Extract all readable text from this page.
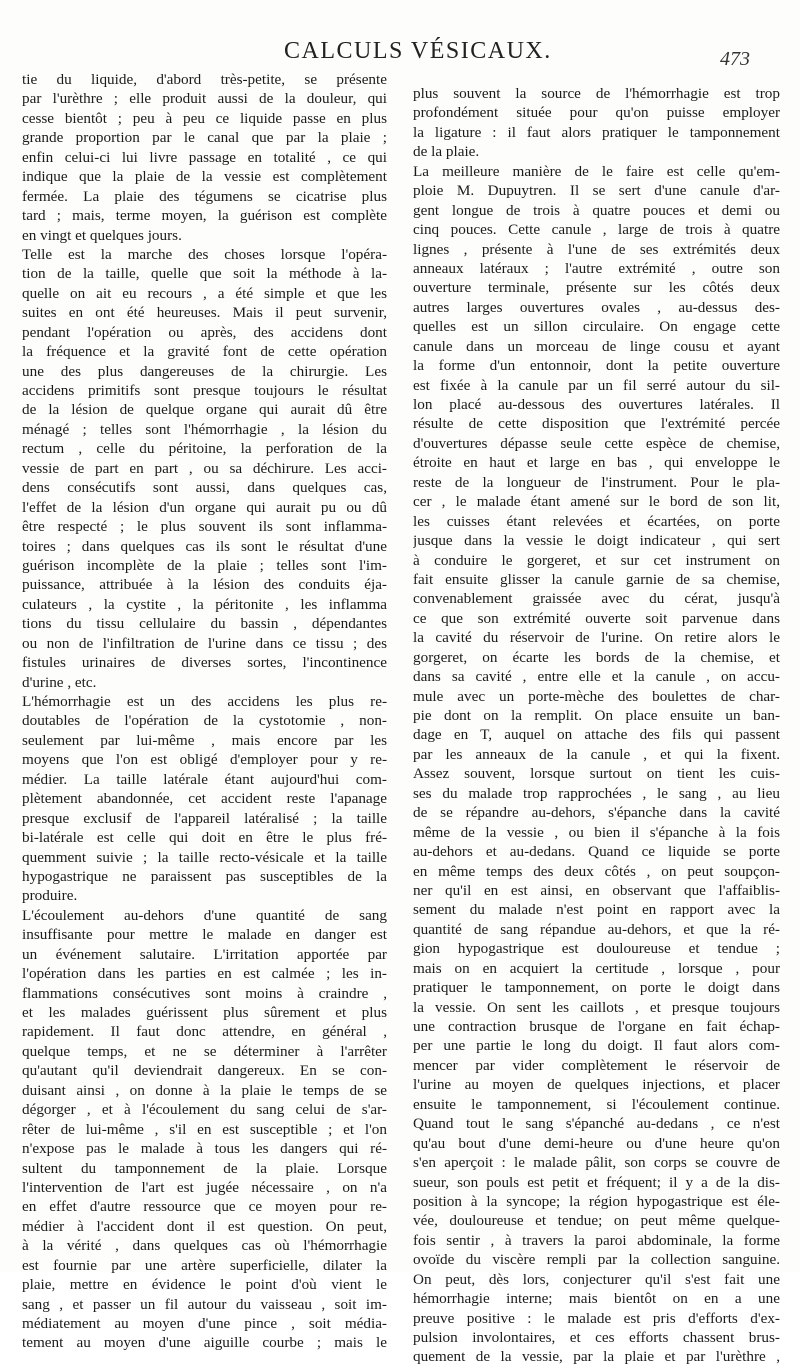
CALCULS VÉSICAUX.	473
tie du liquide, d'abord très-petite, se présente
par l'urèthre ; elle produit aussi de la douleur, qui
cesse bientôt ; peu à peu ce liquide passe en plus
grande proportion par le canal que par la plaie ;
enfin celui-ci lui livre passage en totalité , ce qui
indique que la plaie de la vessie est complètement
fermée. La plaie des tégumens se cicatrise plus
tard ; mais, terme moyen, la guérison est complète
en vingt et quelques jours.
Telle est la marche des choses lorsque l'opéra-
tion de la taille, quelle que soit la méthode à la-
quelle on ait eu recours , a été simple et que les
suites en ont été heureuses. Mais il peut survenir,
pendant l'opération ou après, des accidens dont
la fréquence et la gravité font de cette opération
une des plus dangereuses de la chirurgie. Les
accidens primitifs sont presque toujours le résultat
de la lésion de quelque organe qui aurait dû être
ménagé ; telles sont l'hémorrhagie , la lésion du
rectum , celle du péritoine, la perforation de la
vessie de part en part , ou sa déchirure. Les acci-
dens consécutifs sont aussi, dans quelques cas,
l'effet de la lésion d'un organe qui aurait pu ou dû
être respecté ; le plus souvent ils sont inflamma-
toires ; dans quelques cas ils sont le résultat d'une
guérison incomplète de la plaie ; telles sont l'im-
puissance, attribuée à la lésion des conduits éja-
culateurs , la cystite , la péritonite , les inflamma
tions du tissu cellulaire du bassin , dépendantes
ou non de l'infiltration de l'urine dans ce tissu ; des
fistules urinaires de diverses sortes, l'incontinence
d'urine , etc.
L'hémorrhagie est un des accidens les plus re-
doutables de l'opération de la cystotomie , non-
seulement par lui-même , mais encore par les
moyens que l'on est obligé d'employer pour y re-
médier. La taille latérale étant aujourd'hui com-
plètement abandonnée, cet accident reste l'apanage
presque exclusif de l'appareil latéralisé ; la taille
bi-latérale est celle qui doit en être le plus fré-
quemment suivie ; la taille recto-vésicale et la taille
hypogastrique ne paraissent pas susceptibles de la
produire.
L'écoulement au-dehors d'une quantité de sang
insuffisante pour mettre le malade en danger est
un événement salutaire. L'irritation apportée par
l'opération dans les parties en est calmée ; les in-
flammations consécutives sont moins à craindre ,
et les malades guérissent plus sûrement et plus
rapidement. Il faut donc attendre, en général ,
quelque temps, et ne se déterminer à l'arrêter
qu'autant qu'il deviendrait dangereux. En se con-
duisant ainsi , on donne à la plaie le temps de se
dégorger , et à l'écoulement du sang celui de s'ar-
rêter de lui-même , s'il en est susceptible ; et l'on
n'expose pas le malade à tous les dangers qui ré-
sultent du tamponnement de la plaie. Lorsque
l'intervention de l'art est jugée nécessaire , on n'a
en effet d'autre ressource que ce moyen pour re-
médier à l'accident dont il est question. On peut,
à la vérité , dans quelques cas où l'hémorrhagie
est fournie par une artère superficielle, dilater la
plaie, mettre en évidence le point d'où vient le
sang , et passer un fil autour du vaisseau , soit im-
médiatement au moyen d'une pince , soit média-
tement au moyen d'une aiguille courbe ; mais le
plus souvent la source de l'hémorrhagie est trop
profondément située pour qu'on puisse employer
la ligature : il faut alors pratiquer le tamponnement
de la plaie.
La meilleure manière de le faire est celle qu'em-
ploie M. Dupuytren. Il se sert d'une canule d'ar-
gent longue de trois à quatre pouces et demi ou
cinq pouces. Cette canule , large de trois à quatre
lignes , présente à l'une de ses extrémités deux
anneaux latéraux ; l'autre extrémité , outre son
ouverture terminale, présente sur les côtés deux
autres larges ouvertures ovales , au-dessus des-
quelles est un sillon circulaire. On engage cette
canule dans un morceau de linge cousu et ayant
la forme d'un entonnoir, dont la petite ouverture
est fixée à la canule par un fil serré autour du sil-
lon placé au-dessous des ouvertures latérales. Il
résulte de cette disposition que l'extrémité percée
d'ouvertures dépasse seule cette espèce de chemise,
étroite en haut et large en bas , qui enveloppe le
reste de la longueur de l'instrument. Pour le pla-
cer , le malade étant amené sur le bord de son lit,
les cuisses étant relevées et écartées, on porte
jusque dans la vessie le doigt indicateur , qui sert
à conduire le gorgeret, et sur cet instrument on
fait ensuite glisser la canule garnie de sa chemise,
convenablement graissée avec du cérat, jusqu'à
ce que son extrémité ouverte soit parvenue dans
la cavité du réservoir de l'urine. On retire alors le
gorgeret, on écarte les bords de la chemise, et
dans sa cavité , entre elle et la canule , on accu-
mule avec un porte-mèche des boulettes de char-
pie dont on la remplit. On place ensuite un ban-
dage en T, auquel on attache des fils qui passent
par les anneaux de la canule , et qui la fixent.
Assez souvent, lorsque surtout on tient les cuis-
ses du malade trop rapprochées , le sang , au lieu
de se répandre au-dehors, s'épanche dans la cavité
même de la vessie , ou bien il s'épanche à la fois
au-dehors et au-dedans. Quand ce liquide se porte
en même temps des deux côtés , on peut soupçon-
ner qu'il en est ainsi, en observant que l'affaiblis-
sement du malade n'est point en rapport avec la
quantité de sang répandue au-dehors, et que la ré-
gion hypogastrique est douloureuse et tendue ;
mais on en acquiert la certitude , lorsque , pour
pratiquer le tamponnement, on porte le doigt dans
la vessie. On sent les caillots , et presque toujours
une contraction brusque de l'organe en fait échap-
per une partie le long du doigt. Il faut alors com-
mencer par vider complètement le réservoir de
l'urine au moyen de quelques injections, et placer
ensuite le tamponnement, si l'écoulement continue.
Quand tout le sang s'épanché au-dedans , ce n'est
qu'au bout d'une demi-heure ou d'une heure qu'on
s'en aperçoit : le malade pâlit, son corps se couvre de
sueur, son pouls est petit et fréquent; il y a de la dis-
position à la syncope; la région hypogastrique est éle-
vée, douloureuse et tendue; on peut même quelque-
fois sentir , à travers la paroi abdominale, la forme
ovoïde du viscère rempli par la collection sanguine.
On peut, dès lors, conjecturer qu'il s'est fait une
hémorrhagie interne; mais bientôt on en a une
preuve positive : le malade est pris d'efforts d'ex-
pulsion involontaires, et ces efforts chassent brus-
quement de la vessie, par la plaie et par l'urèthre ,
